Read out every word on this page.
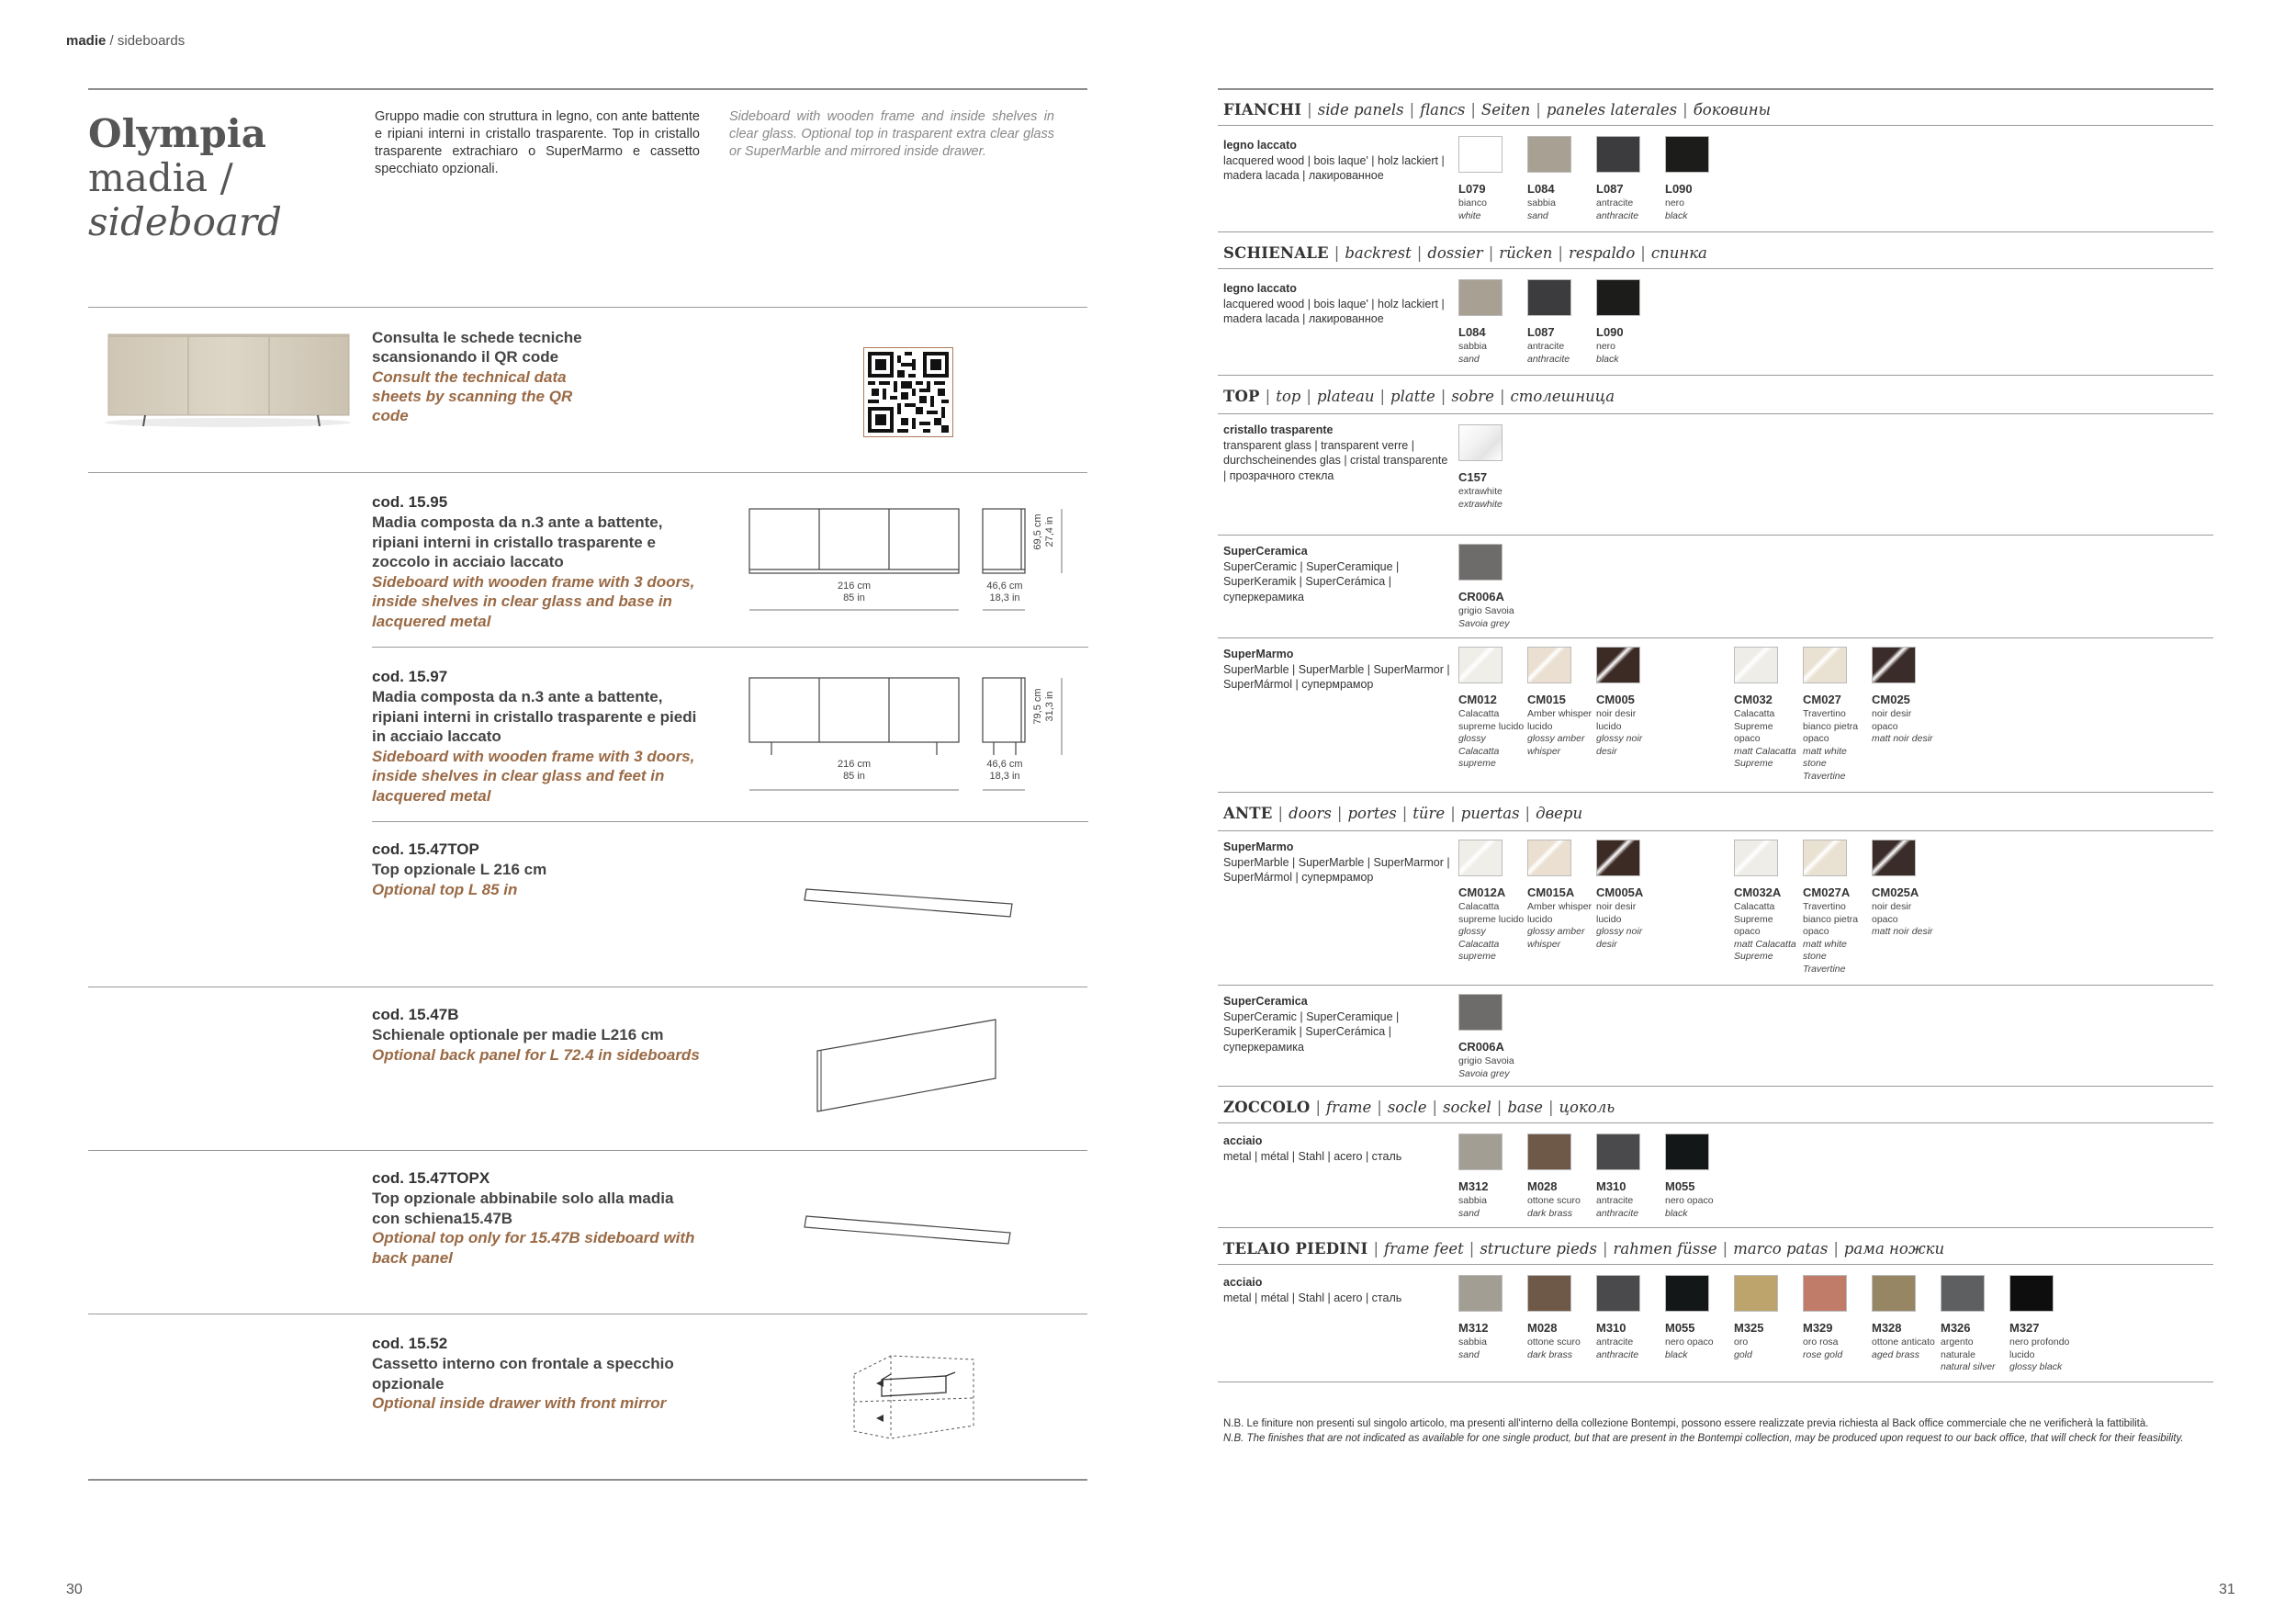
madie / sideboards
Olympia
madia /
sideboard
Gruppo madie con struttura in legno, con ante battente e ripiani interni in cristallo trasparente. Top in cristallo trasparente extrachiaro o SuperMarmo e cassetto specchiato opzionali.
Sideboard with wooden frame and inside shelves in clear glass. Optional top in trasparent extra clear glass or SuperMarble and mirrored inside drawer.
Consulta le schede tecniche scansionando il QR code
Consult the technical data sheets by scanning the QR code
cod. 15.95
Madia composta da n.3 ante a battente, ripiani interni in cristallo trasparente e zoccolo in acciaio laccato
Sideboard with wooden frame with 3 doors, inside shelves in clear glass and base in lacquered metal
216 cm
85 in
46,6 cm
18,3 in
69,5 cm 27,4 in
cod. 15.97
Madia composta da n.3 ante a battente, ripiani interni in cristallo trasparente e piedi in acciaio laccato
Sideboard with wooden frame with 3 doors, inside shelves in clear glass and feet in lacquered metal
216 cm
85 in
46,6 cm
18,3 in
79,5 cm 31,3 in
cod. 15.47TOP
Top opzionale L 216 cm
Optional top L 85 in
cod. 15.47B
Schienale optionale per madie L216 cm
Optional back panel for L 72.4 in sideboards
cod. 15.47TOPX
Top opzionale abbinabile solo alla madia con schiena15.47B
Optional top only for 15.47B sideboard with back panel
cod. 15.52
Cassetto interno con frontale a specchio opzionale
Optional inside drawer with front mirror
30
FIANCHI | side panels | flancs | Seiten | paneles laterales | боковины
legno laccato
lacquered wood | bois laque' | holz lackiert | madera lacada | лакированное
SCHIENALE | backrest | dossier | rücken | respaldo | спинка
legno laccato
lacquered wood | bois laque' | holz lackiert | madera lacada | лакированное
TOP | top | plateau | platte | sobre | столешница
cristallo trasparente
transparent glass | transparent verre | durchscheinendes glas | cristal transparente | прозрачного стекла
SuperCeramica
SuperCeramic | SuperCeramique | SuperKeramik | SuperCerámica | суперкерамика
SuperMarmo
SuperMarble | SuperMarble | SuperMarmor | SuperMármol | супермрамор
ANTE | doors | portes | türe | puertas | двери
SuperMarmo
SuperMarble | SuperMarble | SuperMarmor | SuperMármol | супермрамор
SuperCeramica
SuperCeramic | SuperCeramique | SuperKeramik | SuperCerámica | суперкерамика
ZOCCOLO | frame | socle | sockel | base | цоколь
acciaio
metal | métal | Stahl | acero | сталь
TELAIO PIEDINI | frame feet | structure pieds | rahmen füsse | marco patas | рама ножки
acciaio
metal | métal | Stahl | acero | сталь
N.B. Le finiture non presenti sul singolo articolo, ma presenti all'interno della collezione Bontempi, possono essere realizzate previa richiesta al Back office commerciale che ne verificherà la fattibilità.
N.B. The finishes that are not indicated as available for one single product, but that are present in the Bontempi collection, may be produced upon request to our back office, that will check for their feasibility.
31
L079
bianco
white
L084
sabbia
sand
L087
antracite
anthracite
L090
nero
black
L084
sabbia
sand
L087
antracite
anthracite
L090
nero
black
C157
extrawhite
extrawhite
CR006A
grigio Savoia
Savoia grey
CM012
Calacatta supreme lucido
glossy Calacatta supreme
CM015
Amber whisper lucido
glossy amber whisper
CM005
noir desir lucido
glossy noir desir
CM032
Calacatta Supreme opaco
matt Calacatta Supreme
CM027
Travertino bianco pietra opaco
matt white stone Travertine
CM025
noir desir opaco
matt noir desir
CM012A
Calacatta supreme lucido
glossy Calacatta supreme
CM015A
Amber whisper lucido
glossy amber whisper
CM005A
noir desir lucido
glossy noir desir
CM032A
Calacatta Supreme opaco
matt Calacatta Supreme
CM027A
Travertino bianco pietra opaco
matt white stone Travertine
CM025A
noir desir opaco
matt noir desir
CR006A
grigio Savoia
Savoia grey
M312
sabbia
sand
M028
ottone scuro
dark brass
M310
antracite
anthracite
M055
nero opaco
black
M312
sabbia
sand
M028
ottone scuro
dark brass
M310
antracite
anthracite
M055
nero opaco
black
M325
oro
gold
M329
oro rosa
rose gold
M328
ottone anticato
aged brass
M326
argento naturale
natural silver
M327
nero profondo lucido
glossy black
